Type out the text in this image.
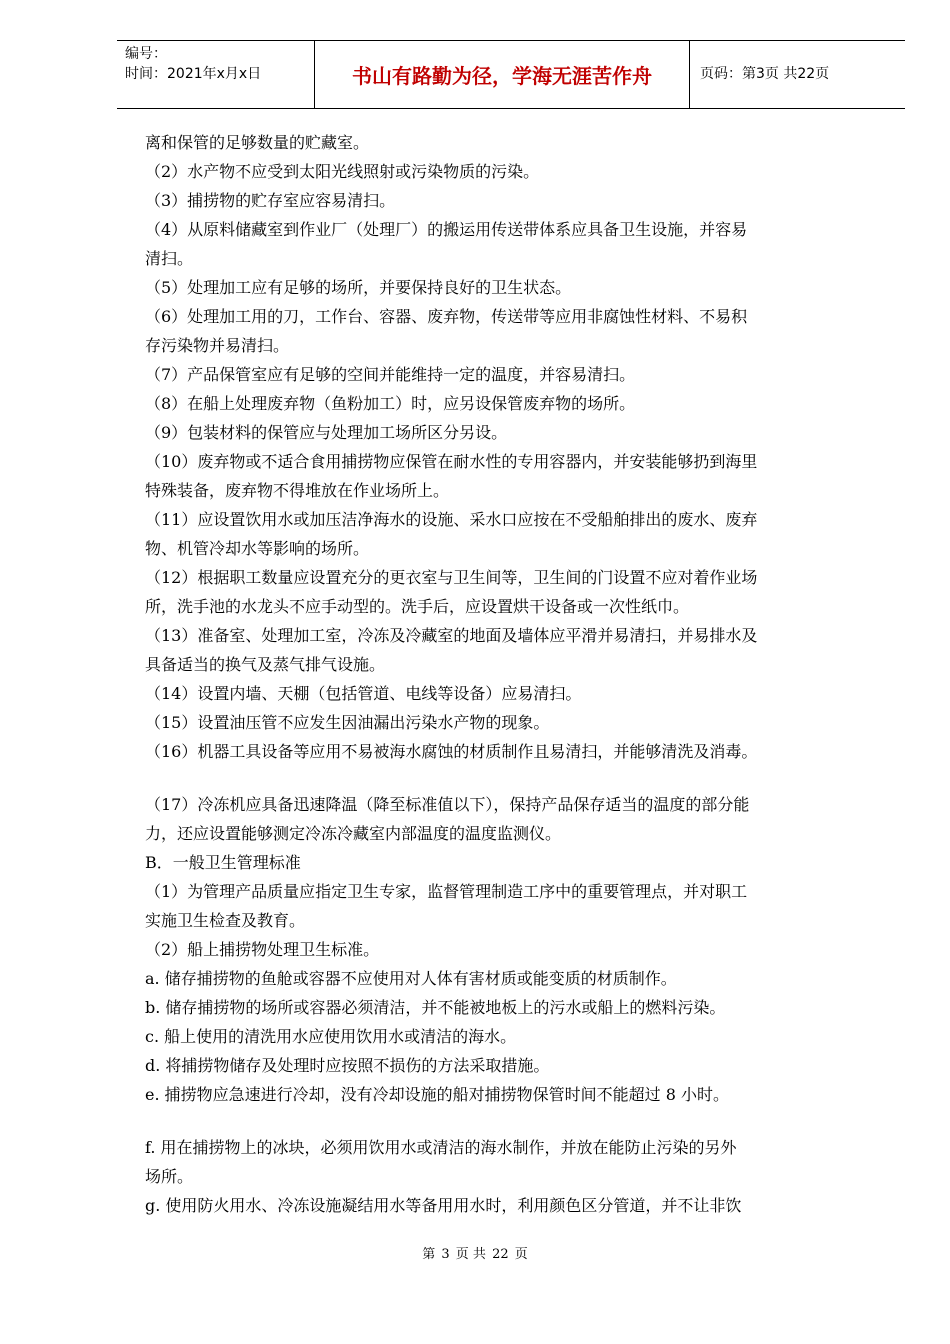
编号：
时间：2021年x月x日	书山有路勤为径，学海无涯苦作舟	页码：第3页 共22页
离和保管的足够数量的贮藏室。
（2）水产物不应受到太阳光线照射或污染物质的污染。
（3）捕捞物的贮存室应容易清扫。
（4）从原料储藏室到作业厂（处理厂）的搬运用传送带体系应具备卫生设施，并容易
清扫。
（5）处理加工应有足够的场所，并要保持良好的卫生状态。
（6）处理加工用的刀，工作台、容器、废弃物，传送带等应用非腐蚀性材料、不易积
存污染物并易清扫。
（7）产品保管室应有足够的空间并能维持一定的温度，并容易清扫。
（8）在船上处理废弃物（鱼粉加工）时，应另设保管废弃物的场所。
（9）包装材料的保管应与处理加工场所区分另设。
（10）废弃物或不适合食用捕捞物应保管在耐水性的专用容器内，并安装能够扔到海里
特殊装备，废弃物不得堆放在作业场所上。
（11）应设置饮用水或加压洁净海水的设施、采水口应按在不受船舶排出的废水、废弃
物、机管冷却水等影响的场所。
（12）根据职工数量应设置充分的更衣室与卫生间等，卫生间的门设置不应对着作业场
所，洗手池的水龙头不应手动型的。洗手后，应设置烘干设备或一次性纸巾。
（13）准备室、处理加工室，冷冻及冷藏室的地面及墙体应平滑并易清扫，并易排水及
具备适当的换气及蒸气排气设施。
（14）设置内墙、天棚（包括管道、电线等设备）应易清扫。
（15）设置油压管不应发生因油漏出污染水产物的现象。
（16）机器工具设备等应用不易被海水腐蚀的材质制作且易清扫，并能够清洗及消毒。
（17）冷冻机应具备迅速降温（降至标准值以下），保持产品保存适当的温度的部分能
力，还应设置能够测定冷冻冷藏室内部温度的温度监测仪。
B．一般卫生管理标准
（1）为管理产品质量应指定卫生专家，监督管理制造工序中的重要管理点，并对职工
实施卫生检查及教育。
（2）船上捕捞物处理卫生标准。
a. 储存捕捞物的鱼舱或容器不应使用对人体有害材质或能变质的材质制作。
b. 储存捕捞物的场所或容器必须清洁，并不能被地板上的污水或船上的燃料污染。
c. 船上使用的清洗用水应使用饮用水或清洁的海水。
d. 将捕捞物储存及处理时应按照不损伤的方法采取措施。
e. 捕捞物应急速进行冷却，没有冷却设施的船对捕捞物保管时间不能超过 8 小时。
f. 用在捕捞物上的冰块，必须用饮用水或清洁的海水制作，并放在能防止污染的另外
场所。
g. 使用防火用水、冷冻设施凝结用水等备用用水时，利用颜色区分管道，并不让非饮
第 3 页 共 22 页
